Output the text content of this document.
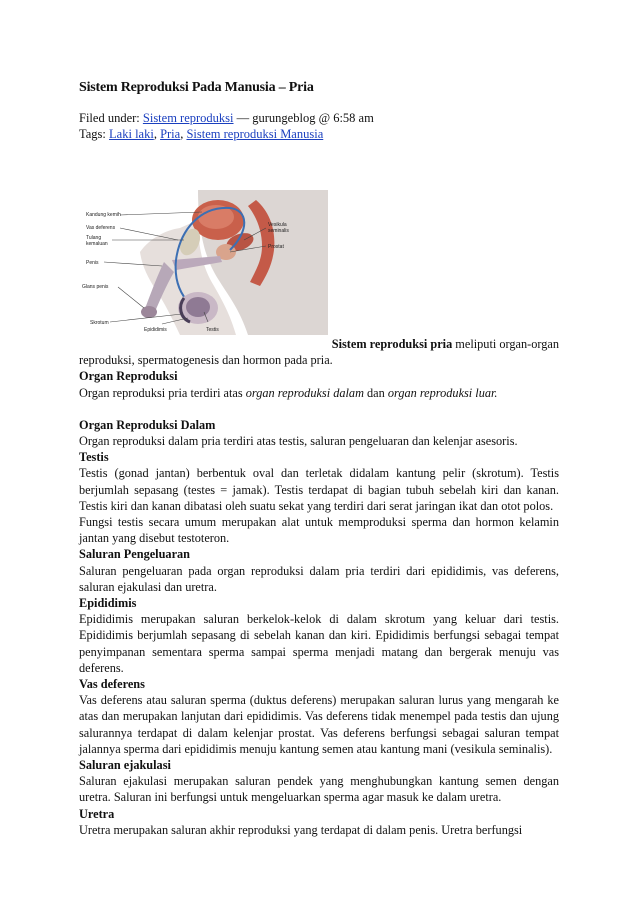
Sistem Reproduksi Pada Manusia – Pria
Filed under: Sistem reproduksi — gurungeblog @ 6:58 am
Tags: Laki laki, Pria, Sistem reproduksi Manusia
Kandung kemih
Vas deferens
Tulang
kemaluan
Penis
Glans penis
Skrotum
Epididimis	Testis
Vesikula
seminalis
Prostat

Sistem reproduksi pria meliputi organ-organ

reproduksi, spermatogenesis dan hormon pada pria.

Organ Reproduksi

Organ reproduksi pria terdiri atas organ reproduksi dalam dan organ reproduksi luar.

Organ Reproduksi Dalam

Organ reproduksi dalam pria terdiri atas testis, saluran pengeluaran dan kelenjar asesoris.

Testis

Testis (gonad jantan) berbentuk oval dan terletak didalam kantung pelir (skrotum). Testis berjumlah sepasang (testes = jamak). Testis terdapat di bagian tubuh sebelah kiri dan kanan. Testis kiri dan kanan dibatasi oleh suatu sekat yang terdiri dari serat jaringan ikat dan otot polos.

Fungsi testis secara umum merupakan alat untuk memproduksi sperma dan hormon kelamin jantan yang disebut testoteron.

Saluran Pengeluaran

Saluran pengeluaran pada organ reproduksi dalam pria terdiri dari epididimis, vas deferens, saluran ejakulasi dan uretra.

Epididimis

Epididimis merupakan saluran berkelok-kelok di dalam skrotum yang keluar dari testis. Epididimis berjumlah sepasang di sebelah kanan dan kiri. Epididimis berfungsi sebagai tempat penyimpanan sementara sperma sampai sperma menjadi matang dan bergerak menuju vas deferens.

Vas deferens

Vas deferens atau saluran sperma (duktus deferens) merupakan saluran lurus yang mengarah ke atas dan merupakan lanjutan dari epididimis. Vas deferens tidak menempel pada testis dan ujung salurannya terdapat di dalam kelenjar prostat. Vas deferens berfungsi sebagai saluran tempat jalannya sperma dari epididimis menuju kantung semen atau kantung mani (vesikula seminalis).

Saluran ejakulasi

Saluran ejakulasi merupakan saluran pendek yang menghubungkan kantung semen dengan uretra. Saluran ini berfungsi untuk mengeluarkan sperma agar masuk ke dalam uretra.

Uretra

Uretra merupakan saluran akhir reproduksi yang terdapat di dalam penis. Uretra berfungsi
